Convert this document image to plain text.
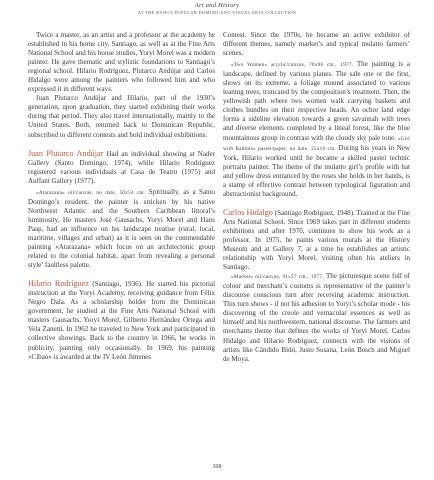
Art and History
AT THE BANCO POPULAR DOMINICANO VISUAL ARTS COLLECTION

Twice a master, as an artist and a professor at the academy he established in his home city, Santiago, as well as at the Fine Arts National School and his house studies, Yoryi Morel was a modern painter. He gave thematic and stylistic foundations to Santiago’s regional school. Hilario Rodríguez, Plutarco Andújar and Carlos Hidalgo were among the painters who followed him and who expressed it in different ways.

Juan Plutarco Andújar and Hilario, part of the 1930’s generation, upon graduation, they started exhibiting their works during that period. They also travel internationally, mainly to the United States. Both, returned back to Dominican Republic, subscribed to different contests and hold individual exhibitions.

Juan Plutarco Andújar Had an individual showing at Nader Gallery (Santo Domingo, 1974), while Hilario Rodríguez registered various individuals at Casa de Teatro (1975) and Auffant Gallery (1977).

«Atarazana» oil/canvas, no date, 50x54 cm. Spiritually, as a Santo Domingo’s resident, the painter is stricken by his native Northwest Atlantic and the Southern Caribbean littoral’s luminosity. He masters José Gausachs, Yoryi Morel and Hans Paap, had an influence on his landscape treatise (rural, local, maritime, villages and urban) as it is seen on the commendable painting «Atarazana» which focus on an architectonic group related to the colonial habitat, apart from revealing a personal style’ faultless palette.

Hilario Rodríguez (Santiago, 1936). He started his pictorial instruction at the Yoryi Academy, receiving guidance from Félix Negro Dala. As a scholarship holder from the Dominican government, he studied at the Fine Arts National School with masters Gausachs, Yoryi Morel, Gilberto Hernández Ortega and Vela Zanetti. In 1962 he traveled to New York and participated in collective showings. Back to the country in 1966, he works in publicity, painting only occasionally. In 1969, his painting «Cibao» is awarded at the IV León Jimenes

Contest. Since the 1970s, he became an active exhibitor of different themes, namely market’s and typical mulatto farmers’ scenes.

«Two Women» acrylic/canvas, 70x96 cm., 1977. The painting is a landscape, defined by various planes. The sale one or the first, shows on its extreme, a foliage mound associated to various leaning trees, truncated by the composition’s treatment. Then, the yellowish path where two women walk carrying baskets and clothes bundles on their respective heads. An ochre land edge forms a sideline elevation towards a green savannah with trees and diverse elements completed by a lineal forest, like the blue mountainous group in contrast with the cloudy sky pale tone. «Girl with Rabbits» pastel/paper, no date, 25x19 cm. During his years in New York, Hilario worked until he became a skilled pastel technic portraits painter. The theme of the mulatto girl’s profile with hat and yellow dress entranced by the roses she holds in her hands, is a stamp of effective contrast between typological figuration and abstractionist background.

Carlos Hidalgo (Santiago Rodríguez, 1948). Trained at the Fine Arts National School. Since 1969 takes part in different students exhibitions and after 1970, continues to show his work as a professor. In 1975, he paints various murals at the History Museum and at Gallery 7, at a time he establishes an artistic relationship with Yoryi Morel, visiting often his ateliers in Santiago.

«Market» oil/canvas, 91x57 cm., 1977. The picturesque scene full of colour and merchant’s customs is representative of the painter’s discourse conscious turn after receiving academic instruction. This turn shows - if not his adhesion to Yoryi’s scholar mode - his discovering of the creole and vernacular essences as well as himself and his northwestern, national discourse. The farmers and merchants theme that defines the works of Yoryi Morel, Carlos Hidalgo and Hilario Rodríguez, connects with the visions of artists like Cándido Bidó, Justo Susana, León Bosch and Miguel de Moya.

308
